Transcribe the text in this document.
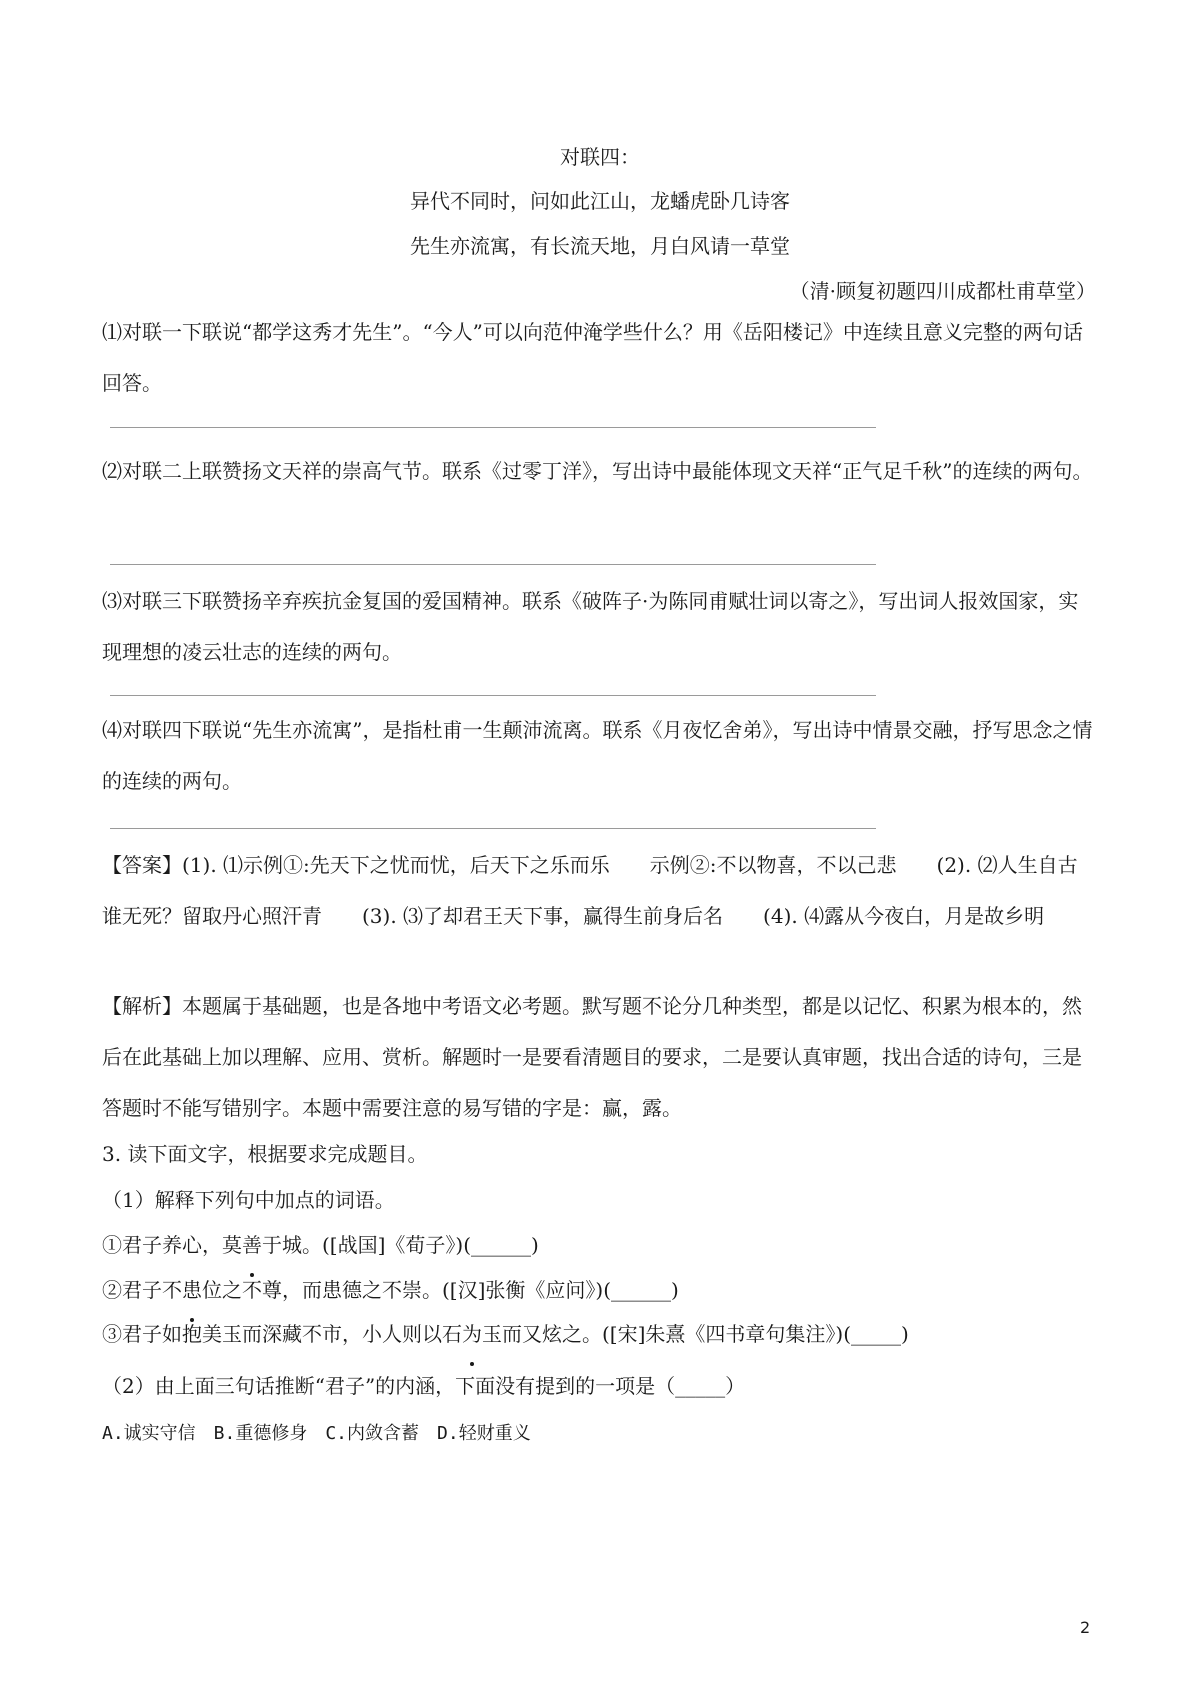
对联四：
异代不同时，问如此江山，龙蟠虎卧几诗客
先生亦流寓，有长流天地，月白风请一草堂
（清·顾复初题四川成都杜甫草堂）
⑴对联一下联说“都学这秀才先生”。“今人”可以向范仲淹学些什么？用《岳阳楼记》中连续且意义完整的两句话回答。
⑵对联二上联赞扬文天祥的崇高气节。联系《过零丁洋》，写出诗中最能体现文天祥“正气足千秋”的连续的两句。
⑶对联三下联赞扬辛弃疾抗金复国的爱国精神。联系《破阵子·为陈同甫赋壮词以寄之》，写出词人报效国家，实现理想的凌云壮志的连续的两句。
⑷对联四下联说“先生亦流寓”，是指杜甫一生颠沛流离。联系《月夜忆舍弟》，写出诗中情景交融，抒写思念之情的连续的两句。
【答案】(1). ⑴示例①:先天下之忧而忧，后天下之乐而乐　　示例②:不以物喜，不以己悲　　(2). ⑵人生自古谁无死？留取丹心照汗青　　(3). ⑶了却君王天下事，赢得生前身后名　　(4). ⑷露从今夜白，月是故乡明
【解析】本题属于基础题，也是各地中考语文必考题。默写题不论分几种类型，都是以记忆、积累为根本的，然后在此基础上加以理解、应用、赏析。解题时一是要看清题目的要求，二是要认真审题，找出合适的诗句，三是答题时不能写错别字。本题中需要注意的易写错的字是：赢，露。
3. 读下面文字，根据要求完成题目。
（1）解释下列句中加点的词语。
①君子养心，莫善于城。([战国]《荀子》)(______)
②君子不患位之不尊，而患德之不崇。([汉]张衡《应问》)(______)
③君子如抱美玉而深藏不市，小人则以石为玉而又炫之。([宋]朱熹《四书章句集注》)(_____)
（2）由上面三句话推断“君子”的内涵，下面没有提到的一项是（_____）
A.诚实守信　B.重德修身　C.内敛含蓄　D.轻财重义
2
